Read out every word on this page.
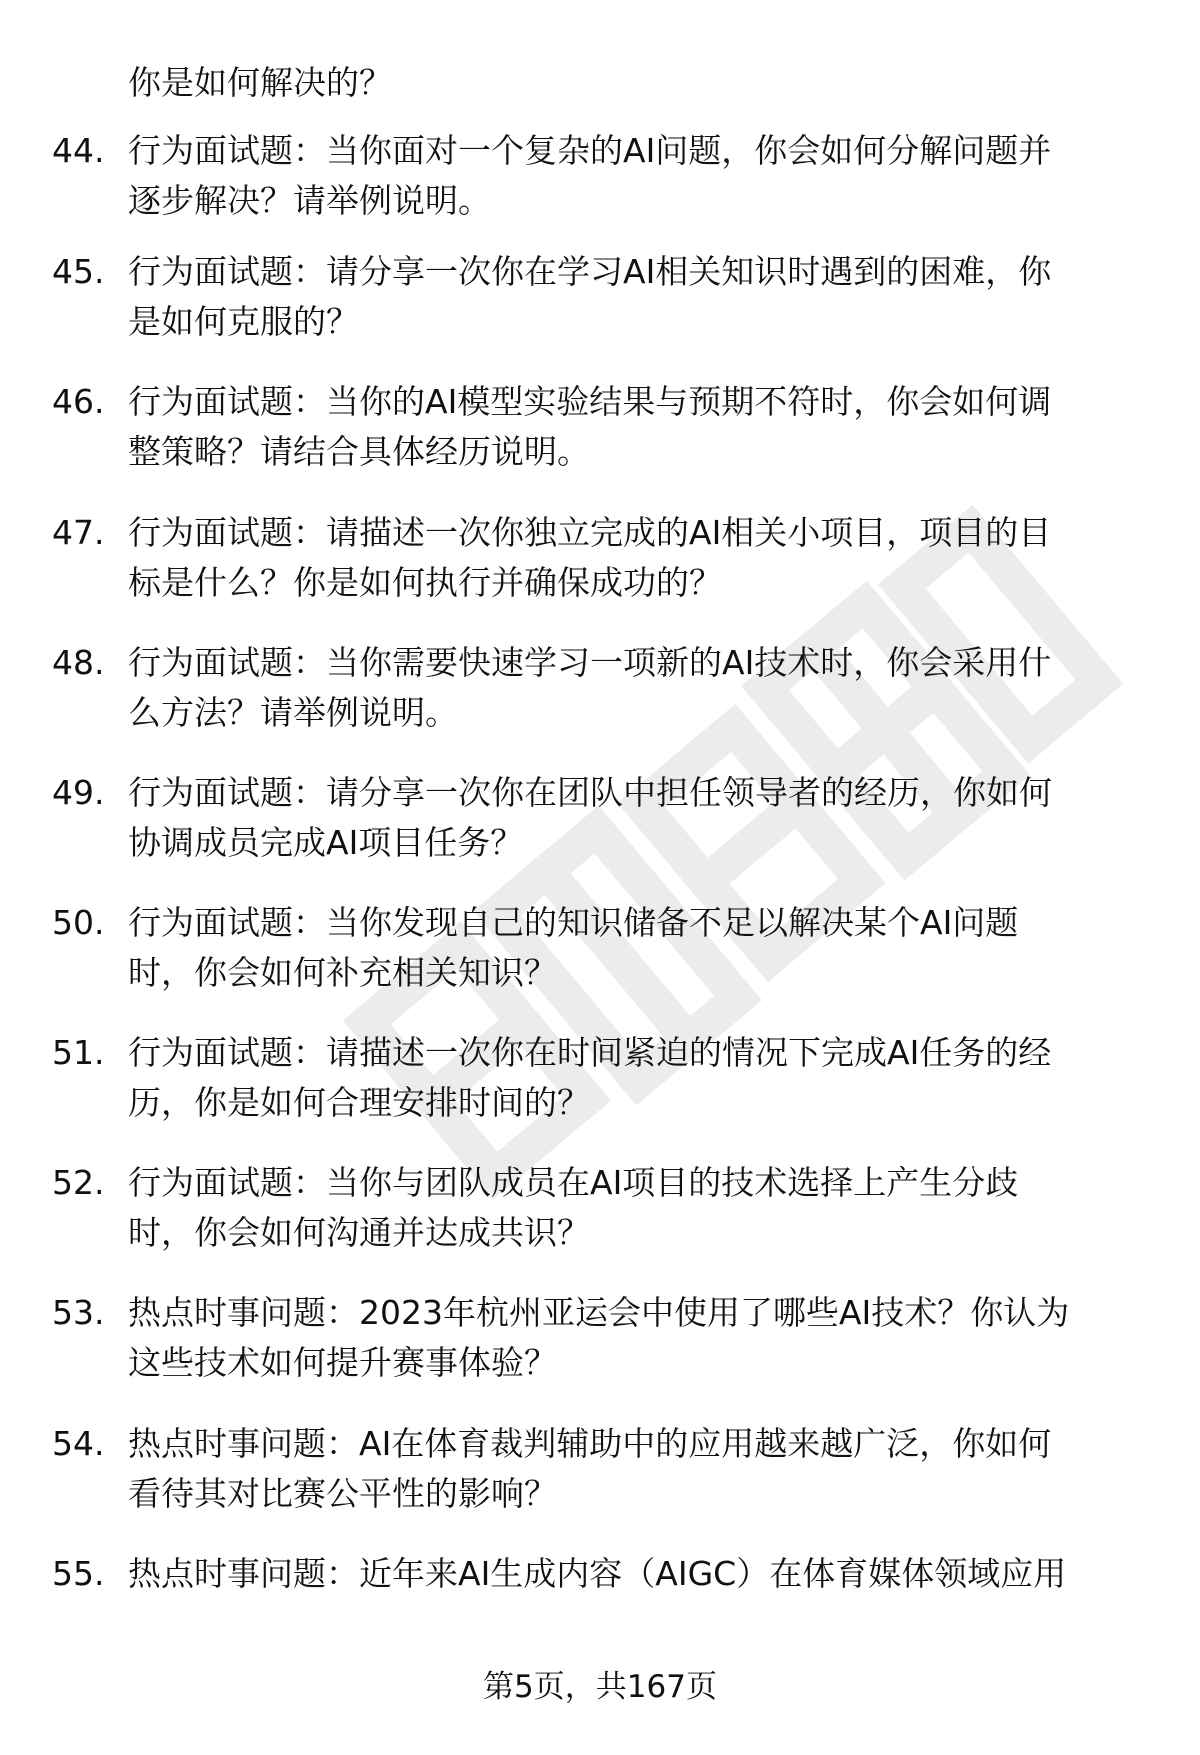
你是如何解决的？
44. 行为面试题：当你面对一个复杂的AI问题，你会如何分解问题并
逐步解决？请举例说明。
45. 行为面试题：请分享一次你在学习AI相关知识时遇到的困难，你
是如何克服的？
46. 行为面试题：当你的AI模型实验结果与预期不符时，你会如何调
整策略？请结合具体经历说明。
47. 行为面试题：请描述一次你独立完成的AI相关小项目，项目的目
标是什么？你是如何执行并确保成功的？
48. 行为面试题：当你需要快速学习一项新的AI技术时，你会采用什
么方法？请举例说明。
49. 行为面试题：请分享一次你在团队中担任领导者的经历，你如何
协调成员完成AI项目任务？
50. 行为面试题：当你发现自己的知识储备不足以解决某个AI问题
时，你会如何补充相关知识？
51. 行为面试题：请描述一次你在时间紧迫的情况下完成AI任务的经
历，你是如何合理安排时间的？
52. 行为面试题：当你与团队成员在AI项目的技术选择上产生分歧
时，你会如何沟通并达成共识？
53. 热点时事问题：2023年杭州亚运会中使用了哪些AI技术？你认为
这些技术如何提升赛事体验？
54. 热点时事问题：AI在体育裁判辅助中的应用越来越广泛，你如何
看待其对比赛公平性的影响？
55. 热点时事问题：近年来AI生成内容（AIGC）在体育媒体领域应用
第5页，共167页
